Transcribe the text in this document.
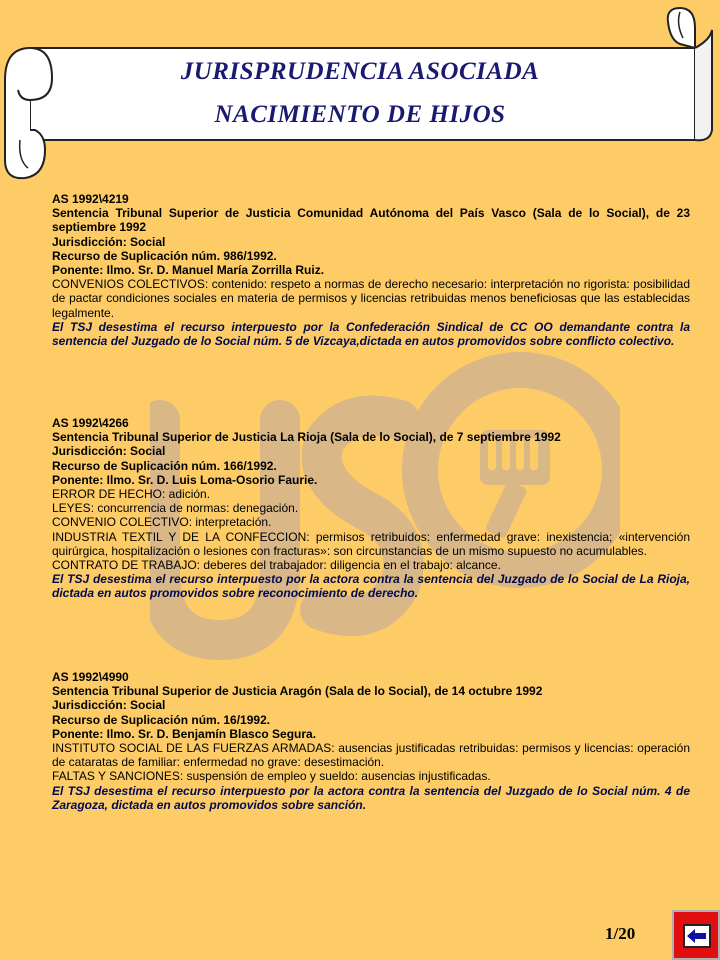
JURISPRUDENCIA ASOCIADA
NACIMIENTO DE HIJOS

AS 1992\4219

Sentencia Tribunal Superior de Justicia Comunidad Autónoma del País Vasco (Sala de lo Social), de 23 septiembre 1992

Jurisdicción: Social

Recurso de Suplicación núm. 986/1992.

Ponente: Ilmo. Sr. D. Manuel María Zorrilla Ruiz.

CONVENIOS COLECTIVOS: contenido: respeto a normas de derecho necesario: interpretación no rigorista: posibilidad de pactar condiciones sociales en materia de permisos y licencias retribuidas menos beneficiosas que las establecidas legalmente.

El TSJ desestima el recurso interpuesto por la Confederación Sindical de CC OO demandante contra la sentencia del Juzgado de lo Social núm. 5 de Vizcaya,dictada en autos promovidos sobre conflicto colectivo.

AS 1992\4266

Sentencia Tribunal Superior de Justicia La Rioja (Sala de lo Social), de 7 septiembre 1992

Jurisdicción: Social

Recurso de Suplicación núm. 166/1992.

Ponente: Ilmo. Sr. D. Luis Loma-Osorio Faurie.

ERROR DE HECHO: adición.

LEYES: concurrencia de normas: denegación.

CONVENIO COLECTIVO: interpretación.

INDUSTRIA TEXTIL Y DE LA CONFECCION: permisos retribuidos: enfermedad grave: inexistencia; «intervención quirúrgica, hospitalización o lesiones con fracturas»: son circunstancias de un mismo supuesto no acumulables.

CONTRATO DE TRABAJO: deberes del trabajador: diligencia en el trabajo: alcance.

El TSJ desestima el recurso interpuesto por la actora contra la sentencia del Juzgado de lo Social de La Rioja, dictada en autos promovidos sobre reconocimiento de derecho.

AS 1992\4990

Sentencia Tribunal Superior de Justicia Aragón (Sala de lo Social), de 14 octubre 1992

Jurisdicción: Social

Recurso de Suplicación núm. 16/1992.

Ponente: Ilmo. Sr. D. Benjamín Blasco Segura.

INSTITUTO SOCIAL DE LAS FUERZAS ARMADAS: ausencias justificadas retribuidas: permisos y licencias: operación de cataratas de familiar: enfermedad no grave: desestimación.

FALTAS Y SANCIONES: suspensión de empleo y sueldo: ausencias injustificadas.

El TSJ desestima el recurso interpuesto por la actora contra la sentencia del Juzgado de lo Social núm. 4 de Zaragoza, dictada en autos promovidos sobre sanción.

1/20
